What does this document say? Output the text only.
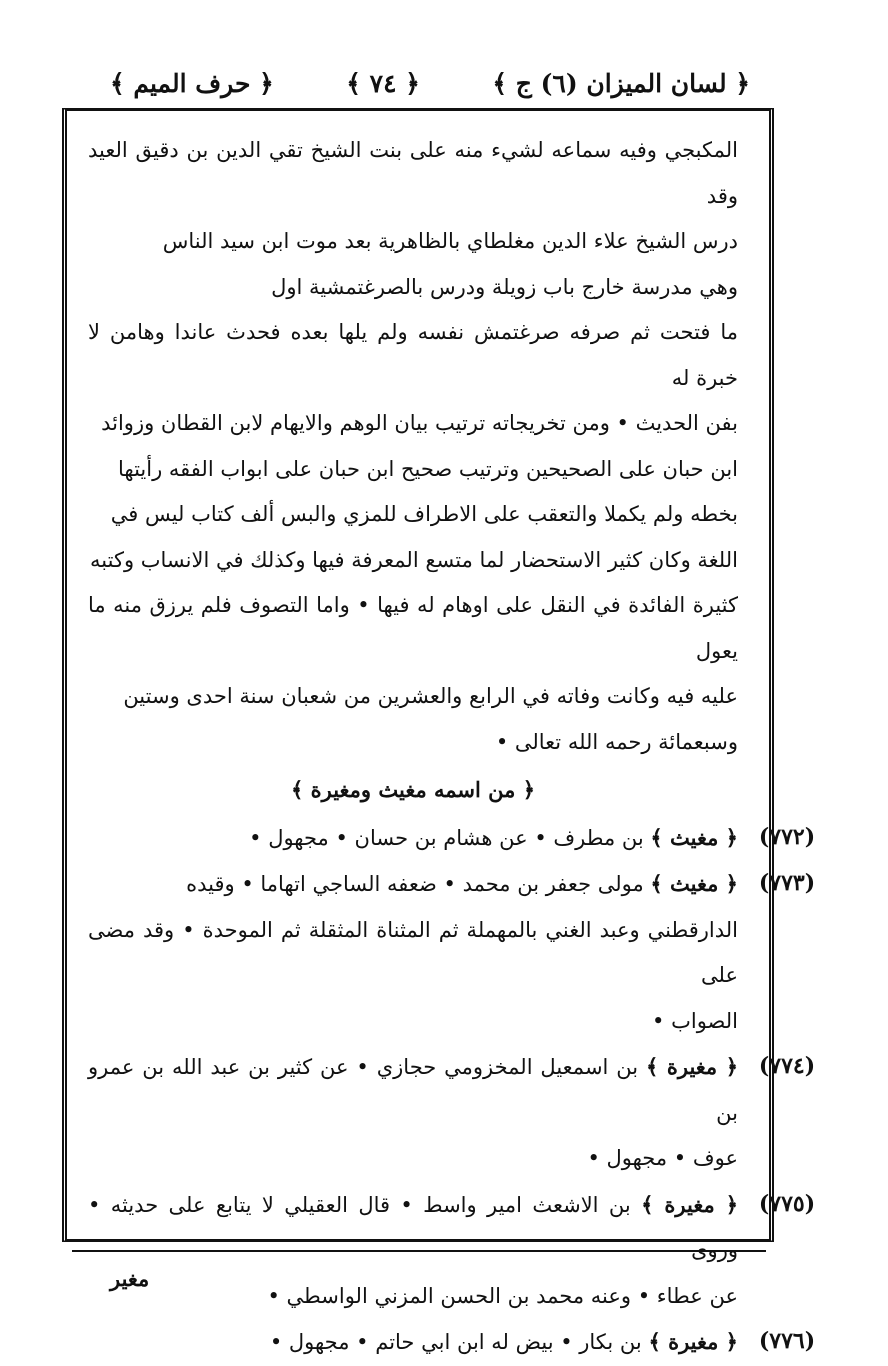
﴿ لسان الميزان (٦) ج ﴾
﴿ ٧٤ ﴾
﴿ حرف الميم ﴾

المكبجي وفيه سماعه لشيء منه على بنت الشيخ تقي الدين بن دقيق العيد وقد

درس الشيخ علاء الدين مغلطاي بالظاهرية بعد موت ابن سيد الناس

وهي مدرسة خارج باب زويلة ودرس بالصرغتمشية اول

ما فتحت ثم صرفه صرغتمش نفسه ولم يلها بعده فحدث عاندا وهامن لا خبرة له

بفن الحديث • ومن تخريجاته ترتيب بيان الوهم والايهام لابن القطان وزوائد

ابن حبان على الصحيحين وترتيب صحيح ابن حبان على ابواب الفقه رأيتها

بخطه ولم يكملا والتعقب على الاطراف للمزي والبس ألف كتاب ليس في

اللغة وكان كثير الاستحضار لما متسع المعرفة فيها وكذلك في الانساب وكتبه

كثيرة الفائدة في النقل على اوهام له فيها • واما التصوف فلم يرزق منه ما يعول

عليه فيه وكانت وفاته في الرابع والعشرين من شعبان سنة احدى وستين

وسبعمائة رحمه الله تعالى •

﴿ من اسمه مغيث ومغيرة ﴾

(٧٧٢)

﴿ مغيث ﴾ بن مطرف • عن هشام بن حسان • مجهول •

(٧٧٣)

﴿ مغيث ﴾ مولى جعفر بن محمد • ضعفه الساجي اتهاما • وقيده

الدارقطني وعبد الغني بالمهملة ثم المثناة المثقلة ثم الموحدة • وقد مضى على

الصواب •

(٧٧٤)

﴿ مغيرة ﴾ بن اسمعيل المخزومي حجازي • عن كثير بن عبد الله بن عمرو بن

عوف • مجهول •

(٧٧٥)

﴿ مغيرة ﴾ بن الاشعث امير واسط • قال العقيلي لا يتابع على حديثه • وروى

عن عطاء • وعنه محمد بن الحسن المزني الواسطي •

(٧٧٦)

﴿ مغيرة ﴾ بن بكار • بيض له ابن ابي حاتم • مجهول •

مغير
